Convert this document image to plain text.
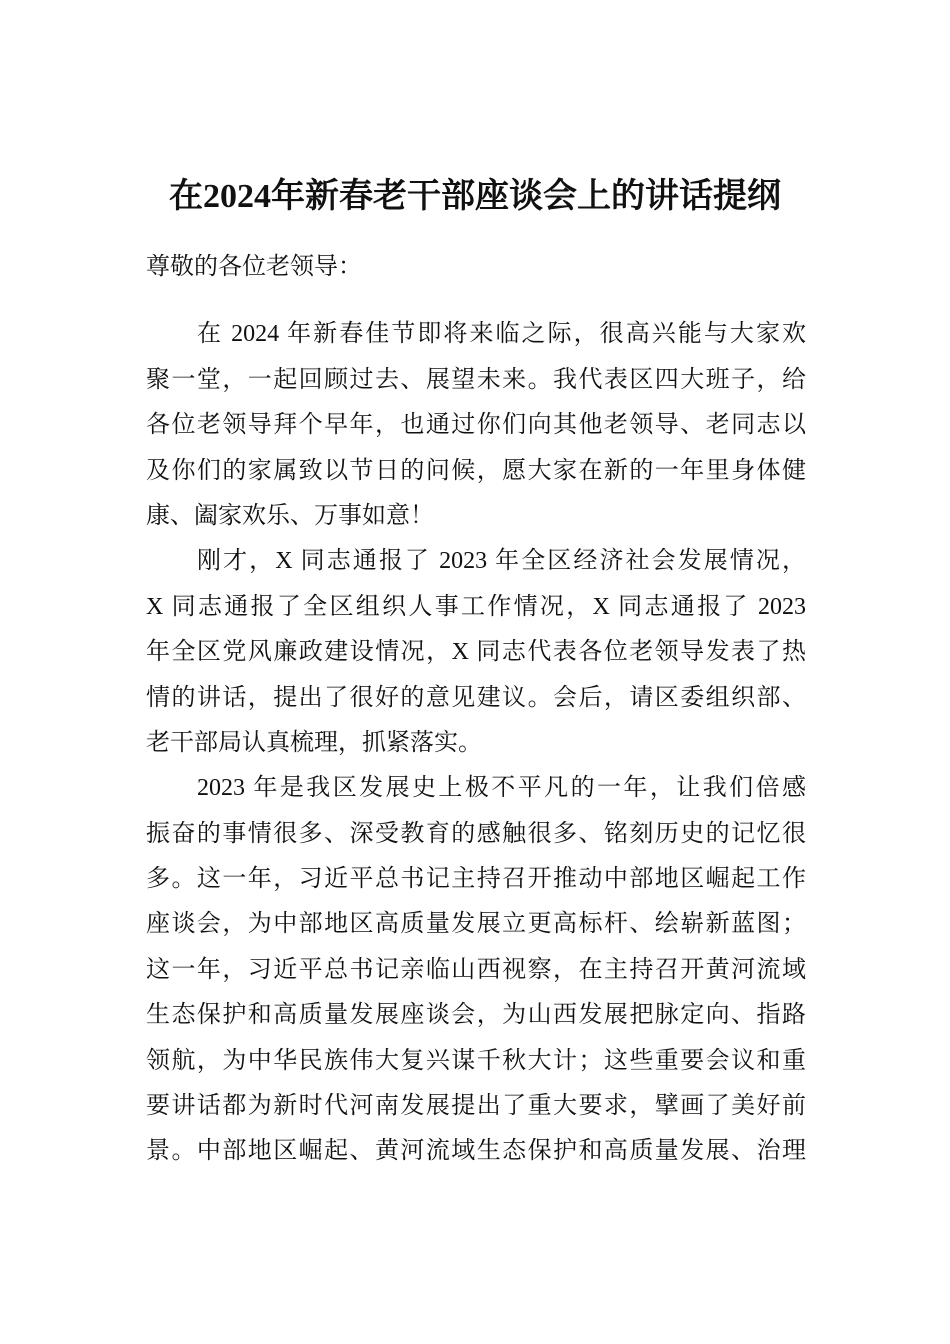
在2024年新春老干部座谈会上的讲话提纲
尊敬的各位老领导：
在 2024 年新春佳节即将来临之际，很高兴能与大家欢
聚一堂，一起回顾过去、展望未来。我代表区四大班子，给
各位老领导拜个早年，也通过你们向其他老领导、老同志以
及你们的家属致以节日的问候，愿大家在新的一年里身体健
康、阖家欢乐、万事如意！
刚才，X 同志通报了 2023 年全区经济社会发展情况，
X 同志通报了全区组织人事工作情况，X 同志通报了 2023
年全区党风廉政建设情况，X 同志代表各位老领导发表了热
情的讲话，提出了很好的意见建议。会后，请区委组织部、
老干部局认真梳理，抓紧落实。
2023 年是我区发展史上极不平凡的一年，让我们倍感
振奋的事情很多、深受教育的感触很多、铭刻历史的记忆很
多。这一年，习近平总书记主持召开推动中部地区崛起工作
座谈会，为中部地区高质量发展立更高标杆、绘崭新蓝图；
这一年，习近平总书记亲临山西视察，在主持召开黄河流域
生态保护和高质量发展座谈会，为山西发展把脉定向、指路
领航，为中华民族伟大复兴谋千秋大计；这些重要会议和重
要讲话都为新时代河南发展提出了重大要求，擘画了美好前
景。中部地区崛起、黄河流域生态保护和高质量发展、治理
